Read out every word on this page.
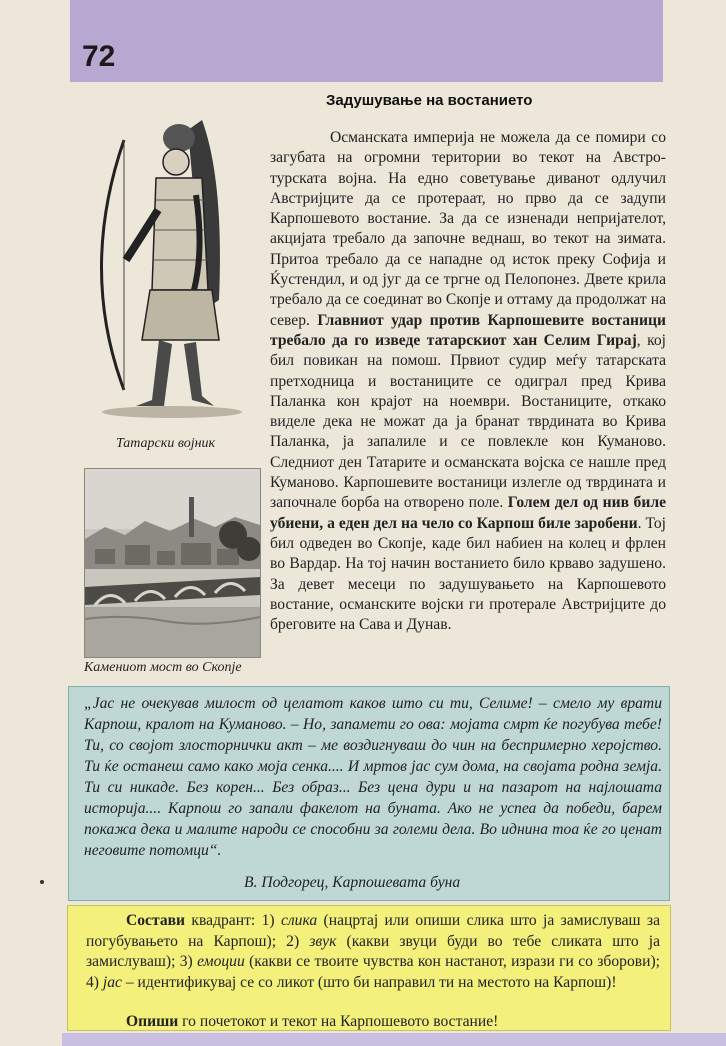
72
Задушување на востанието
Татарски војник
Камениот мост во Скопје
Османската империја не можела да се помири со загубата на огромни територии во текот на Австро-турската војна. На едно советување диванот одлучил Австријците да се протераат, но прво да се задупи Карпошевото востание. За да се изненади непријателот, акцијата требало да започне веднаш, во текот на зимата. Притоа требало да се нападне од исток преку Софија и Ќустендил, и од југ да се тргне од Пелопонез. Двете крила требало да се соединат во Скопје и оттаму да продолжат на север. Главниот удар против Карпошевите востаници требало да го изведе татарскиот хан Селим Гирај, кој бил повикан на помош. Првиот судир меѓу татарската претходница и востаниците се одиграл пред Крива Паланка кон крајот на ноември. Востаниците, откако виделе дека не можат да ја бранат тврдината во Крива Паланка, ја запалиле и се повлекле кон Куманово. Следниот ден Татарите и османската војска се нашле пред Куманово. Карпошевите востаници излегле од тврдината и започнале борба на отворено поле. Голем дел од нив биле убиени, а еден дел на чело со Карпош биле заробени. Тој бил одведен во Скопје, каде бил набиен на колец и фрлен во Вардар. На тој начин востанието било крваво задушено. За девет месеци по задушувањето на Карпошевото востание, османските војски ги протерале Австријците до бреговите на Сава и Дунав.
„Јас не очекував милост од целатот каков што си ти, Селиме! – смело му врати Карпош, кралот на Куманово. – Но, запамети го ова: мојата смрт ќе погубува тебе! Ти, со својот злосторнички акт – ме воздигнуваш до чин на беспримерно херојство. Ти ќе останеш само како моја сенка.... И мртов јас сум дома, на својата родна земја. Ти си никаде. Без корен... Без образ... Без цена дури и на пазарот на најлошата историја.... Карпош го запали факелот на буната. Ако не успеа да победи, барем покажа дека и малите народи се способни за големи дела. Во иднина тоа ќе го ценат неговите потомци“.
В. Подгорец, Карпошевата буна
Состави квадрант: 1) слика (нацртај или опиши слика што ја замислуваш за погубувањето на Карпош); 2) звук (какви звуци буди во тебе сликата што ја замислуваш); 3) емоции (какви се твоите чувства кон настанот, изрази ги со зборови); 4) јас – идентификувај се со ликот (што би направил ти на местото на Карпош)!
Опиши го почетокот и текот на Карпошевото востание!
